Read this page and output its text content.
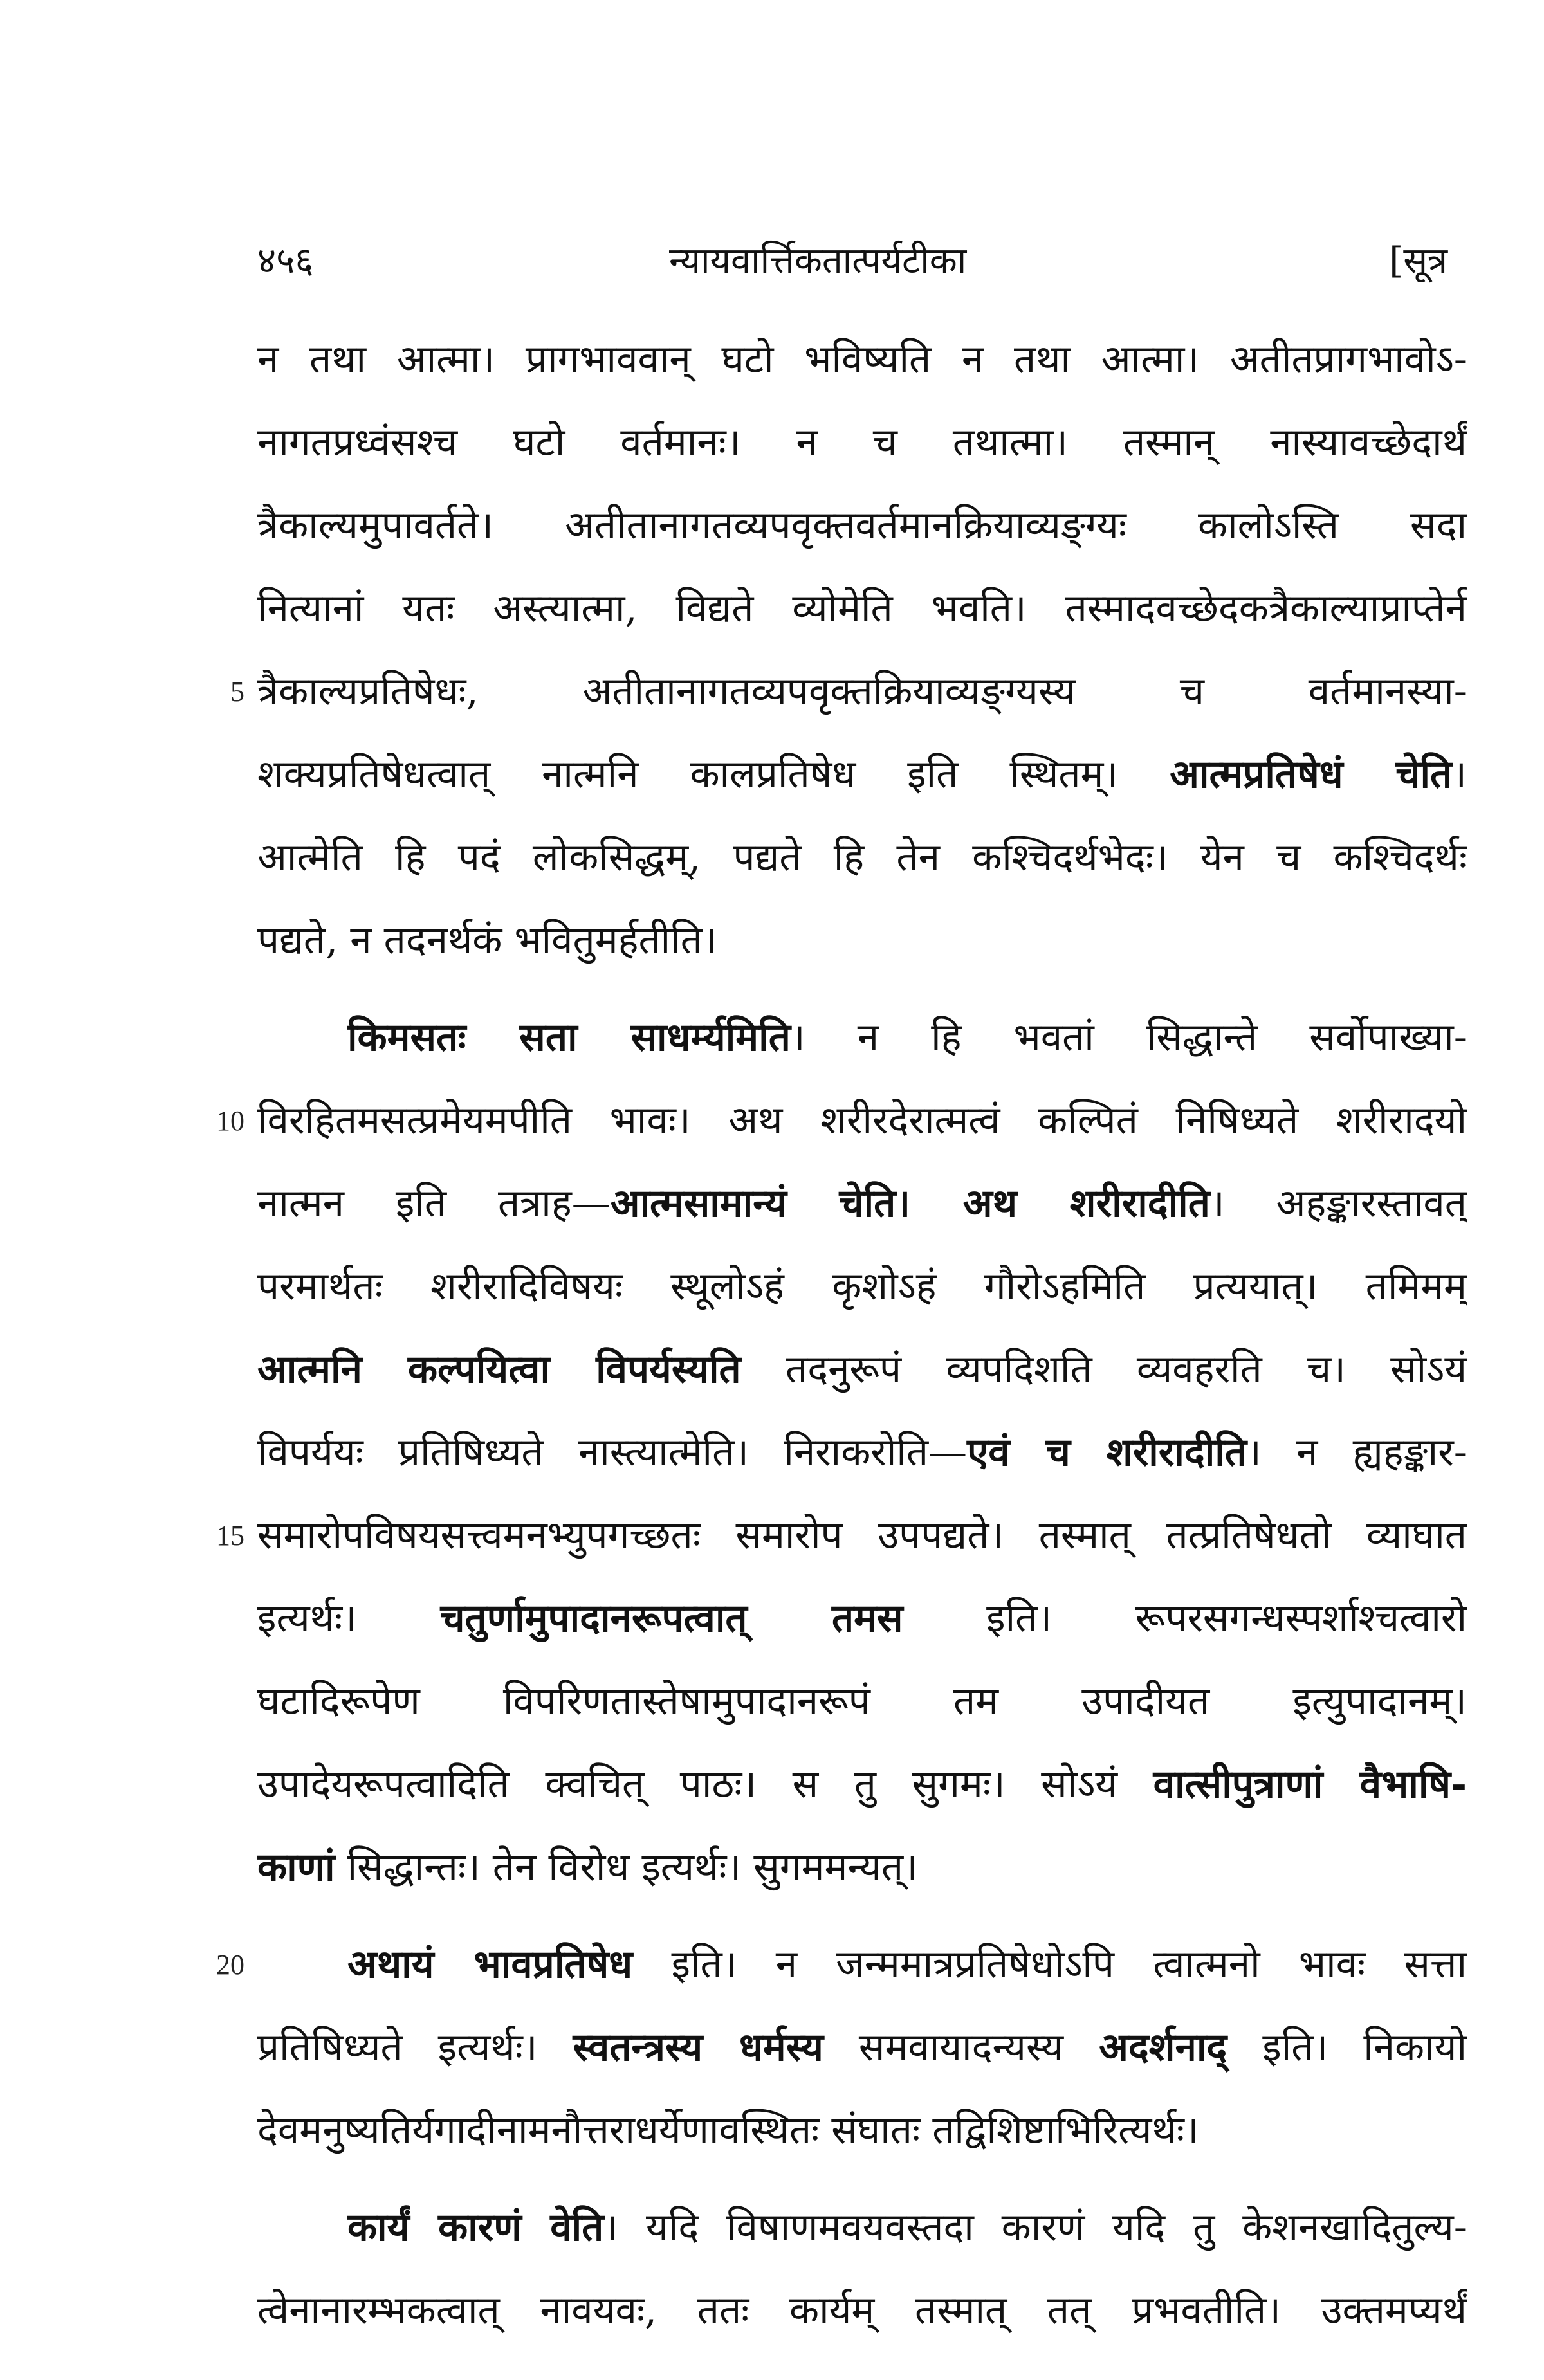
४५६	न्यायवार्त्तिकतात्पर्यटीका	[सूत्र
न तथा आत्मा। प्रागभाववान् घटो भविष्यति न तथा आत्मा। अतीतप्रागभावोऽ-
नागतप्रध्वंसश्च घटो वर्तमानः। न च तथात्मा। तस्मान् नास्यावच्छेदार्थं
त्रैकाल्यमुपावर्तते। अतीतानागतव्यपवृक्तवर्तमानक्रियाव्यङ्ग्यः कालोऽस्ति सदा
नित्यानां यतः अस्त्यात्मा, विद्यते व्योमेति भवति। तस्मादवच्छेदकत्रैकाल्याप्राप्तेर्न
त्रैकाल्यप्रतिषेधः, अतीतानागतव्यपवृक्तक्रियाव्यङ्ग्यस्य च वर्तमानस्या-
शक्यप्रतिषेधत्वात् नात्मनि कालप्रतिषेध इति स्थितम्। आत्मप्रतिषेधं चेति।
आत्मेति हि पदं लोकसिद्धम्, पद्यते हि तेन कश्चिदर्थभेदः। येन च कश्चिदर्थः
पद्यते, न तदनर्थकं भवितुमर्हतीति।
किमसतः सता साधर्म्यमिति। न हि भवतां सिद्धान्ते सर्वोपाख्या-
विरहितमसत्प्रमेयमपीति भावः। अथ शरीरदेरात्मत्वं कल्पितं निषिध्यते शरीरादयो
नात्मन इति तत्राह—आत्मसामान्यं चेति। अथ शरीरादीति। अहङ्कारस्तावत्
परमार्थतः शरीरादिविषयः स्थूलोऽहं कृशोऽहं गौरोऽहमिति प्रत्ययात्। तमिमम्
आत्मनि कल्पयित्वा विपर्यस्यति तदनुरूपं व्यपदिशति व्यवहरति च। सोऽयं
विपर्ययः प्रतिषिध्यते नास्त्यात्मेति। निराकरोति—एवं च शरीरादीति। न ह्यहङ्कार-
समारोपविषयसत्त्वमनभ्युपगच्छतः समारोप उपपद्यते। तस्मात् तत्प्रतिषेधतो व्याघात
इत्यर्थः। चतुर्णामुपादानरूपत्वात् तमस इति। रूपरसगन्धस्पर्शाश्चत्वारो
घटादिरूपेण विपरिणतास्तेषामुपादानरूपं तम उपादीयत इत्युपादानम्।
उपादेयरूपत्वादिति क्वचित् पाठः। स तु सुगमः। सोऽयं वात्सीपुत्राणां वैभाषि-
काणां सिद्धान्तः। तेन विरोध इत्यर्थः। सुगममन्यत्।
अथायं भावप्रतिषेध इति। न जन्ममात्रप्रतिषेधोऽपि त्वात्मनो भावः सत्ता
प्रतिषिध्यते इत्यर्थः। स्वतन्त्रस्य धर्मस्य समवायादन्यस्य अदर्शनाद् इति। निकायो
देवमनुष्यतिर्यगादीनामनौत्तराधर्येणावस्थितः संघातः तद्विशिष्टाभिरित्यर्थः।
कार्यं कारणं वेति। यदि विषाणमवयवस्तदा कारणं यदि तु केशनखादितुल्य-
त्वेनानारम्भकत्वात् नावयवः, ततः कार्यम् तस्मात् तत् प्रभवतीति। उक्तमप्यर्थं
5
10
15
20
